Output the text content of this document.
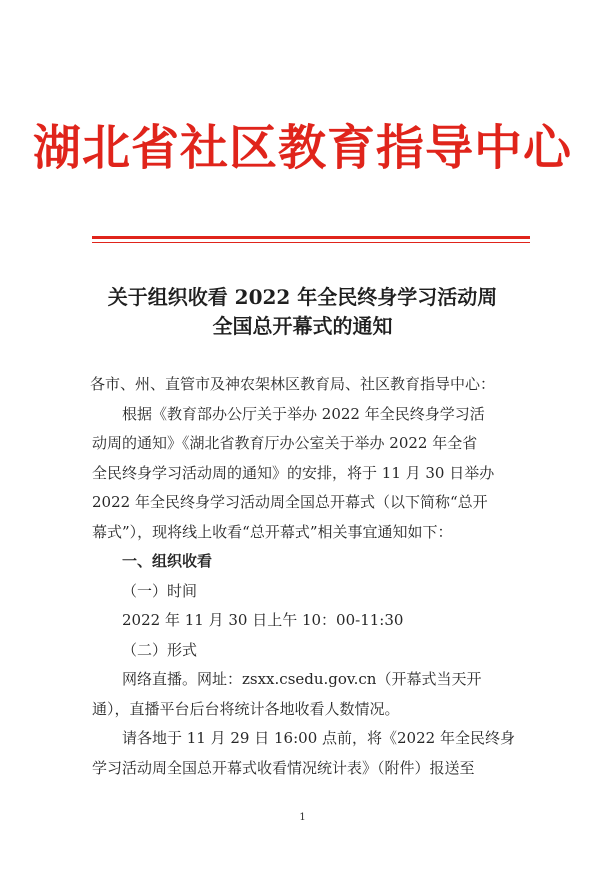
湖北省社区教育指导中心
关于组织收看 2022 年全民终身学习活动周
全国总开幕式的通知
各市、州、直管市及神农架林区教育局、社区教育指导中心：
根据《教育部办公厅关于举办 2022 年全民终身学习活
动周的通知》《湖北省教育厅办公室关于举办 2022 年全省
全民终身学习活动周的通知》的安排，将于 11 月 30 日举办
2022 年全民终身学习活动周全国总开幕式（以下简称“总开
幕式”），现将线上收看“总开幕式”相关事宜通知如下：
一、组织收看
（一）时间
2022 年 11 月 30 日上午 10：00-11:30
（二）形式
网络直播。网址：zsxx.csedu.gov.cn（开幕式当天开
通），直播平台后台将统计各地收看人数情况。
请各地于 11 月 29 日 16:00 点前，将《2022 年全民终身
学习活动周全国总开幕式收看情况统计表》（附件）报送至
1
